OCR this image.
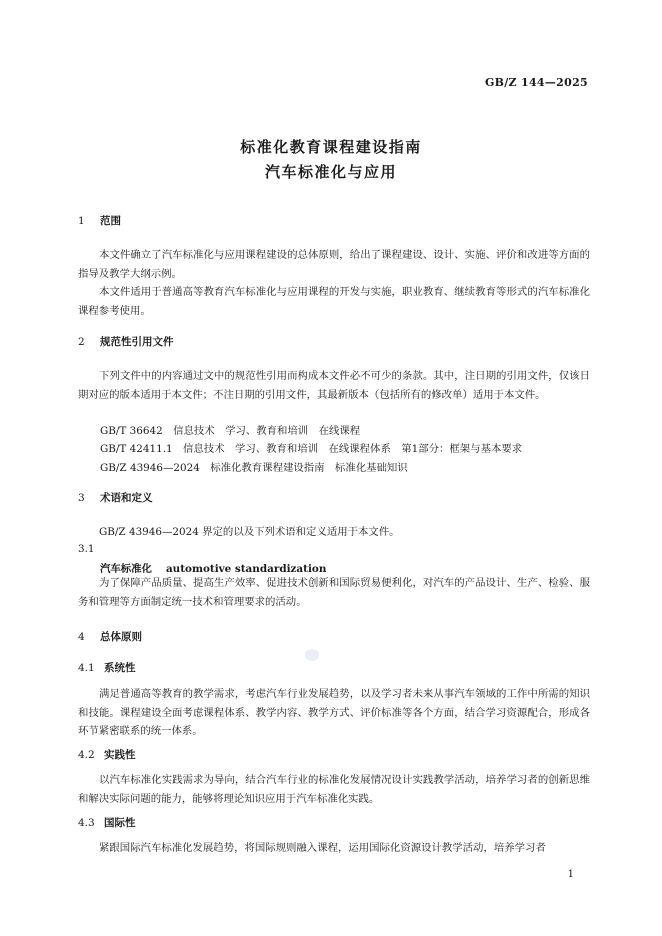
GB/Z 144—2025
标准化教育课程建设指南
汽车标准化与应用
1 范围
本文件确立了汽车标准化与应用课程建设的总体原则，给出了课程建设、设计、实施、评价和改进等方面的指导及教学大纲示例。
本文件适用于普通高等教育汽车标准化与应用课程的开发与实施，职业教育、继续教育等形式的汽车标准化课程参考使用。
2 规范性引用文件
下列文件中的内容通过文中的规范性引用而构成本文件必不可少的条款。其中，注日期的引用文件，仅该日期对应的版本适用于本文件；不注日期的引用文件，其最新版本（包括所有的修改单）适用于本文件。
GB/T 36642　信息技术　学习、教育和培训　在线课程
GB/T 42411.1　信息技术　学习、教育和培训　在线课程体系　第1部分：框架与基本要求
GB/Z 43946—2024　标准化教育课程建设指南　标准化基础知识
3 术语和定义
GB/Z 43946—2024 界定的以及下列术语和定义适用于本文件。
3.1
汽车标准化 automotive standardization
为了保障产品质量、提高生产效率、促进技术创新和国际贸易便利化，对汽车的产品设计、生产、检验、服务和管理等方面制定统一技术和管理要求的活动。
4 总体原则
4.1 系统性
满足普通高等教育的教学需求，考虑汽车行业发展趋势，以及学习者未来从事汽车领域的工作中所需的知识和技能。课程建设全面考虑课程体系、教学内容、教学方式、评价标准等各个方面，结合学习资源配合，形成各环节紧密联系的统一体系。
4.2 实践性
以汽车标准化实践需求为导向，结合汽车行业的标准化发展情况设计实践教学活动，培养学习者的创新思维和解决实际问题的能力，能够将理论知识应用于汽车标准化实践。
4.3 国际性
紧跟国际汽车标准化发展趋势，将国际规则融入课程，运用国际化资源设计教学活动，培养学习者
1
